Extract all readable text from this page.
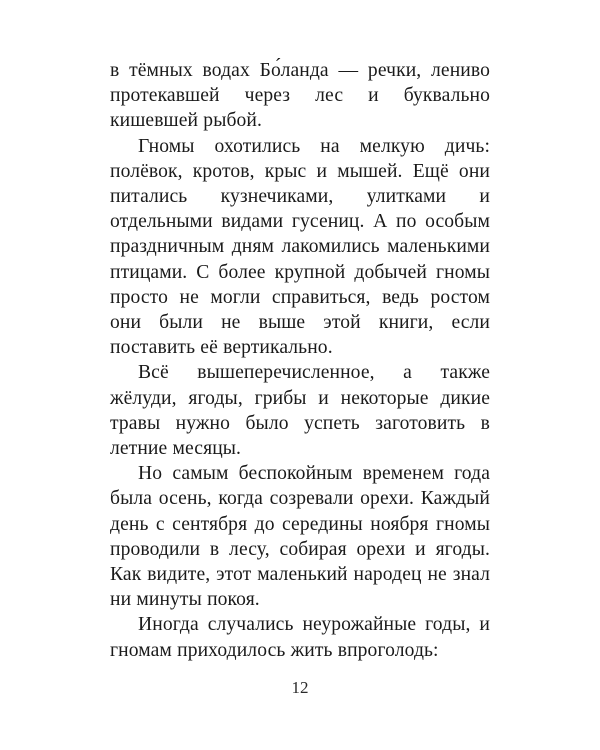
в тёмных водах Бо́ланда — речки, лениво протекавшей через лес и буквально кишевшей рыбой.

Гномы охотились на мелкую дичь: полёвок, кротов, крыс и мышей. Ещё они питались кузнечиками, улитками и отдельными видами гусениц. А по особым праздничным дням лакомились маленькими птицами. С более крупной добычей гномы просто не могли справиться, ведь ростом они были не выше этой книги, если поставить её вертикально.

Всё вышеперечисленное, а также жёлуди, ягоды, грибы и некоторые дикие травы нужно было успеть заготовить в летние месяцы.

Но самым беспокойным временем года была осень, когда созревали орехи. Каждый день с сентября до середины ноября гномы проводили в лесу, собирая орехи и ягоды. Как видите, этот маленький народец не знал ни минуты покоя.

Иногда случались неурожайные годы, и гномам приходилось жить впроголодь:

12
